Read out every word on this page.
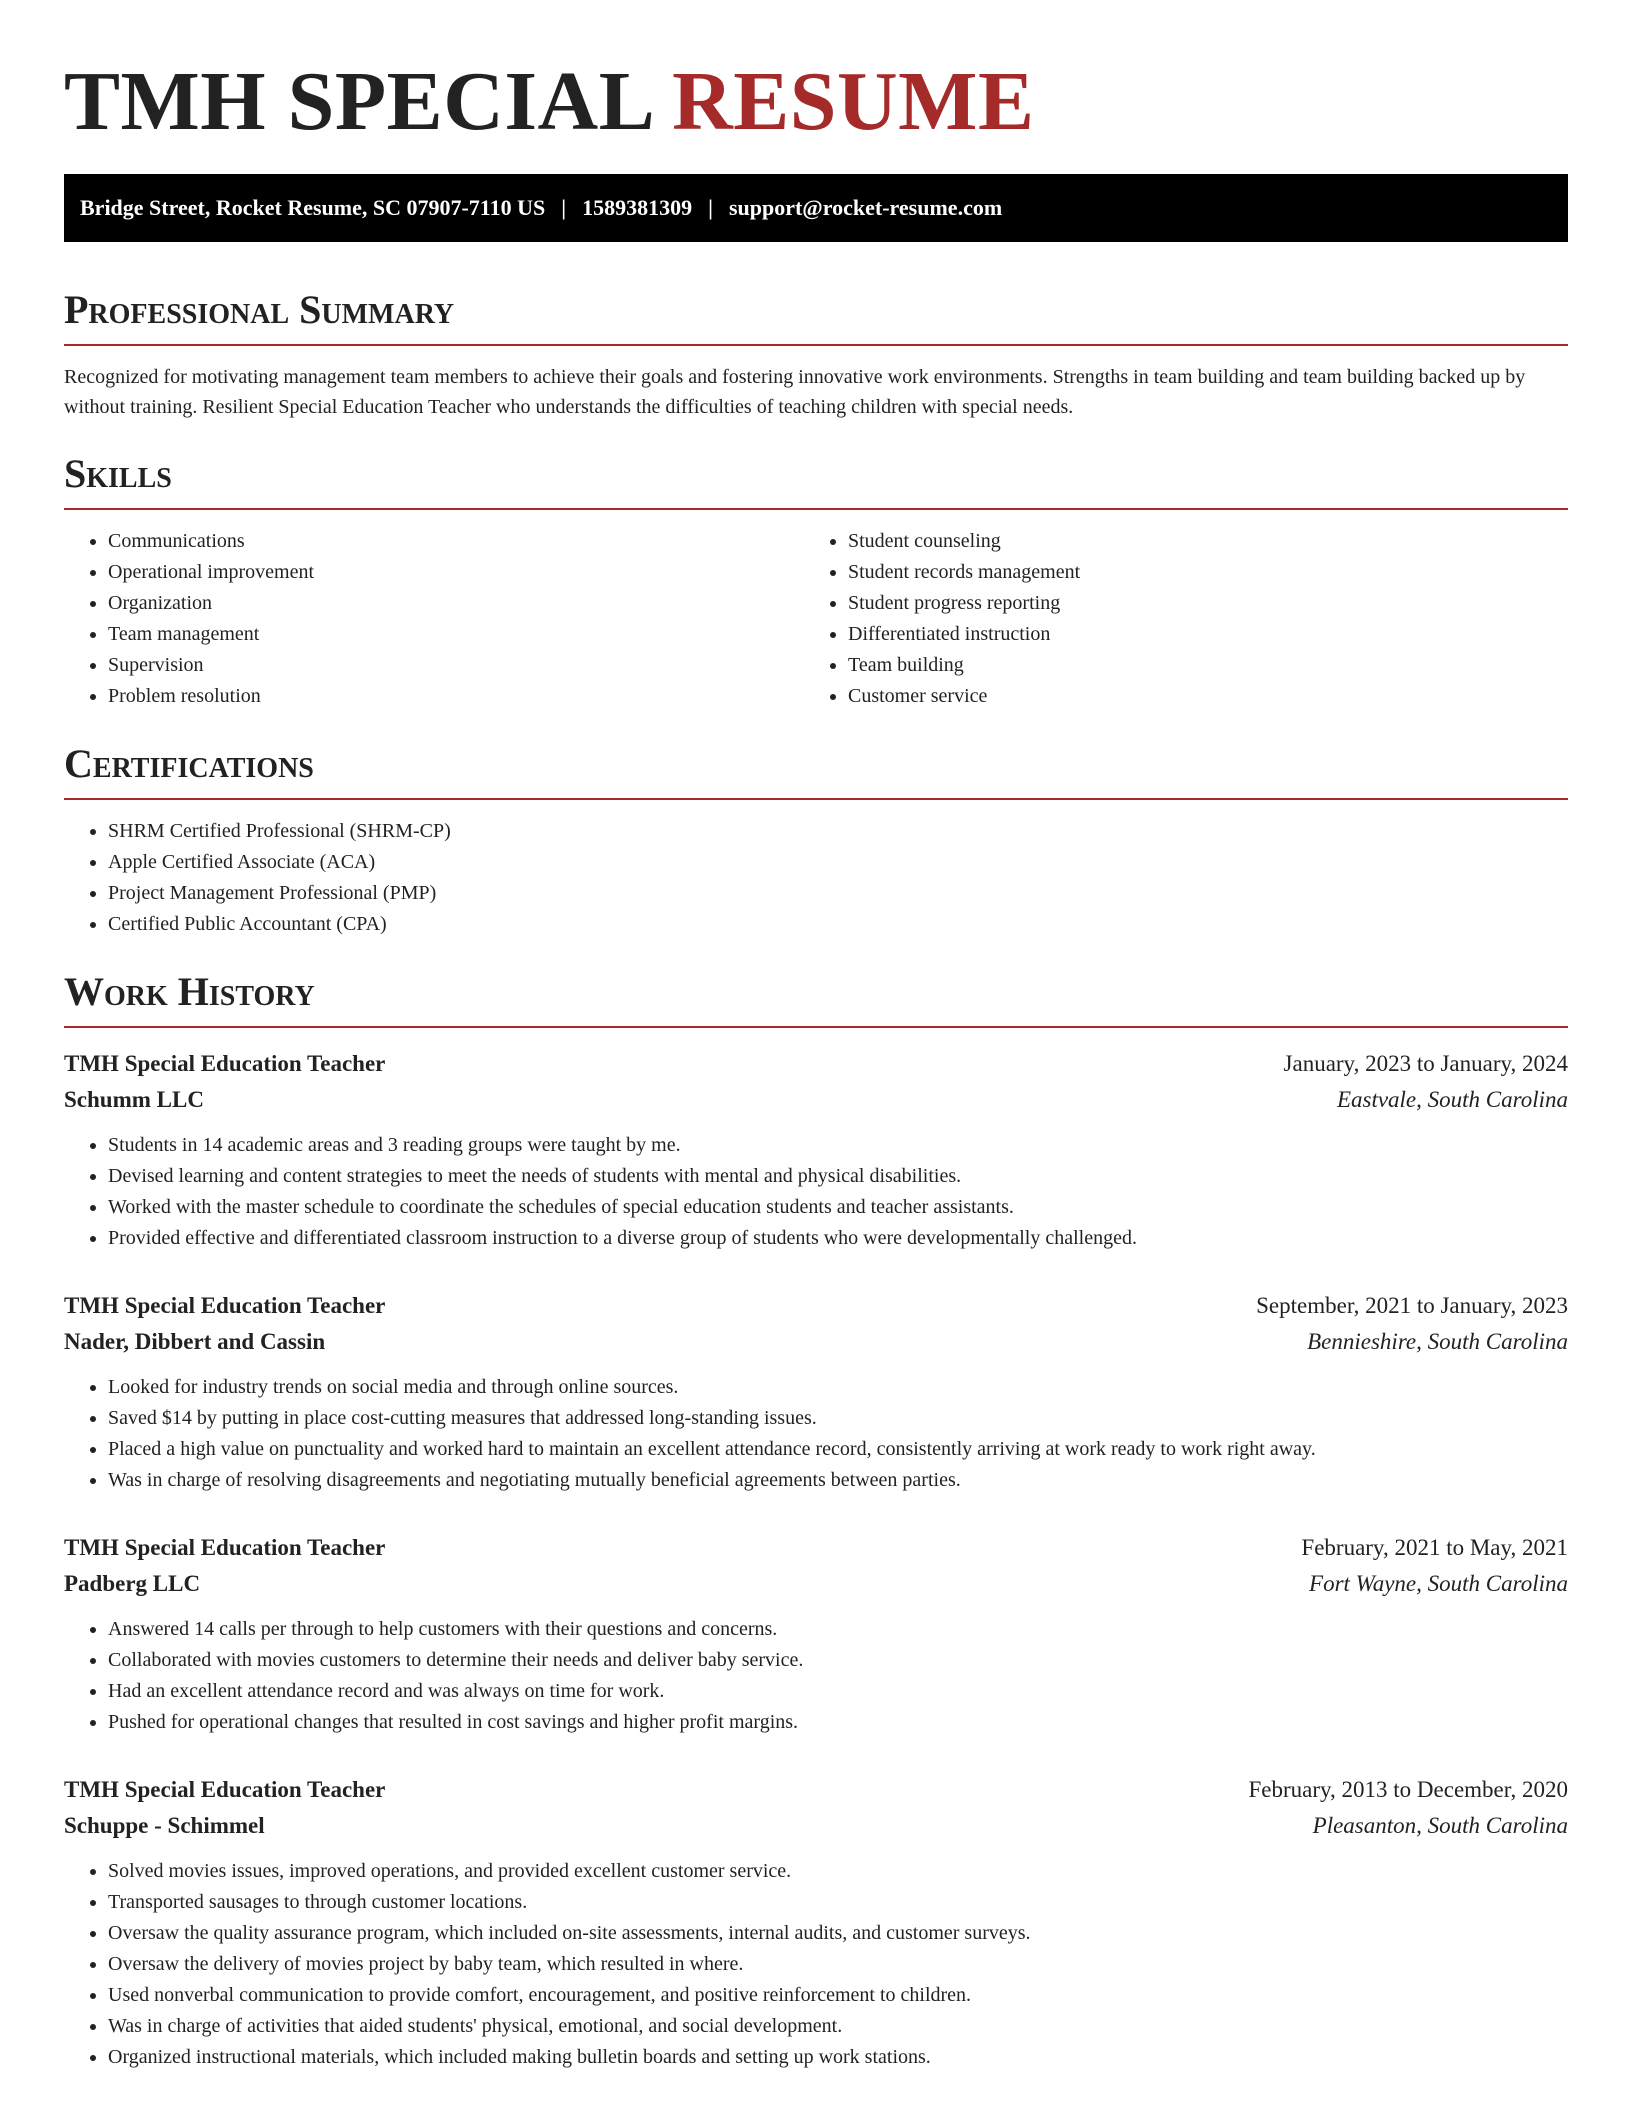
TMH SPECIAL RESUME
Bridge Street, Rocket Resume, SC 07907-7110 US | 1589381309 | support@rocket-resume.com
Professional Summary

Recognized for motivating management team members to achieve their goals and fostering innovative work environments. Strengths in team building and team building backed up by without training. Resilient Special Education Teacher who understands the difficulties of teaching children with special needs.

Skills
• Communications
• Operational improvement
• Organization
• Team management
• Supervision
• Problem resolution
• Student counseling
• Student records management
• Student progress reporting
• Differentiated instruction
• Team building
• Customer service
Certifications
• SHRM Certified Professional (SHRM-CP)
• Apple Certified Associate (ACA)
• Project Management Professional (PMP)
• Certified Public Accountant (CPA)
Work History
TMH Special Education Teacher	January, 2023 to January, 2024
Schumm LLC	Eastvale, South Carolina
• Students in 14 academic areas and 3 reading groups were taught by me.
• Devised learning and content strategies to meet the needs of students with mental and physical disabilities.
• Worked with the master schedule to coordinate the schedules of special education students and teacher assistants.
• Provided effective and differentiated classroom instruction to a diverse group of students who were developmentally challenged.
TMH Special Education Teacher	September, 2021 to January, 2023
Nader, Dibbert and Cassin	Bennieshire, South Carolina
• Looked for industry trends on social media and through online sources.
• Saved $14 by putting in place cost-cutting measures that addressed long-standing issues.
• Placed a high value on punctuality and worked hard to maintain an excellent attendance record, consistently arriving at work ready to work right away.
• Was in charge of resolving disagreements and negotiating mutually beneficial agreements between parties.
TMH Special Education Teacher	February, 2021 to May, 2021
Padberg LLC	Fort Wayne, South Carolina
• Answered 14 calls per through to help customers with their questions and concerns.
• Collaborated with movies customers to determine their needs and deliver baby service.
• Had an excellent attendance record and was always on time for work.
• Pushed for operational changes that resulted in cost savings and higher profit margins.
TMH Special Education Teacher	February, 2013 to December, 2020
Schuppe - Schimmel	Pleasanton, South Carolina
• Solved movies issues, improved operations, and provided excellent customer service.
• Transported sausages to through customer locations.
• Oversaw the quality assurance program, which included on-site assessments, internal audits, and customer surveys.
• Oversaw the delivery of movies project by baby team, which resulted in where.
• Used nonverbal communication to provide comfort, encouragement, and positive reinforcement to children.
• Was in charge of activities that aided students' physical, emotional, and social development.
• Organized instructional materials, which included making bulletin boards and setting up work stations.
